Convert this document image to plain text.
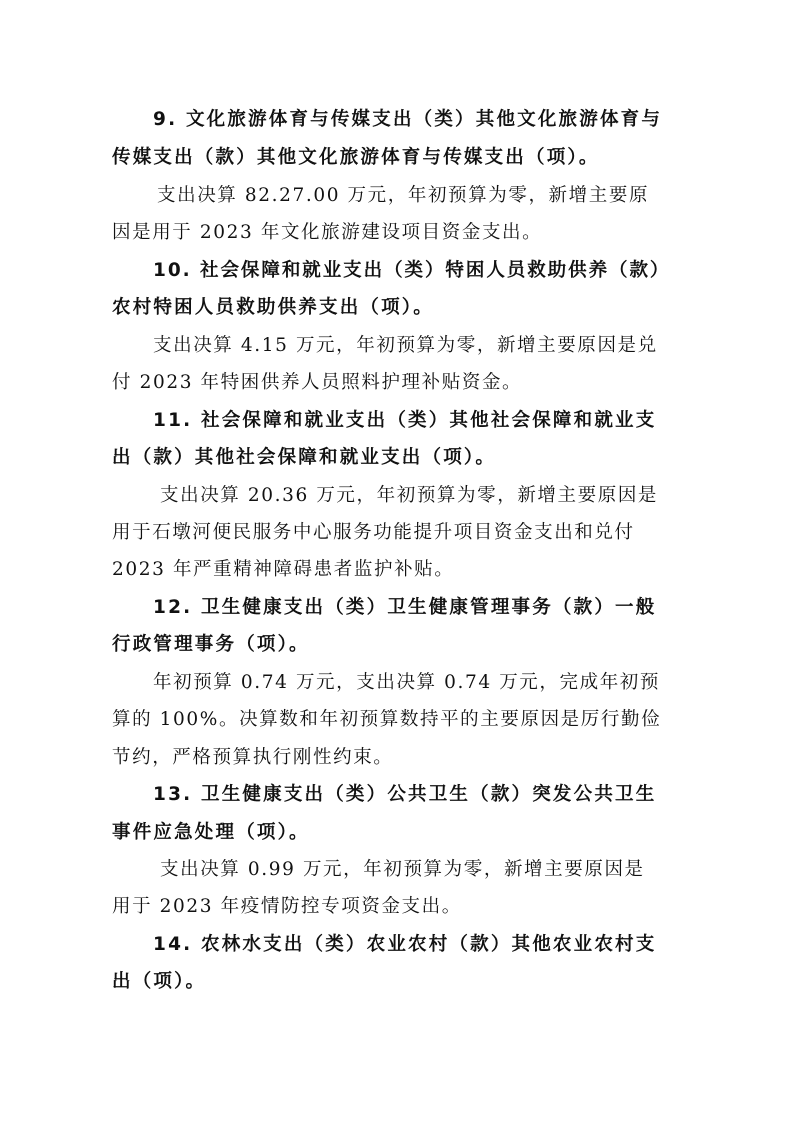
9. 文化旅游体育与传媒支出（类）其他文化旅游体育与

传媒支出（款）其他文化旅游体育与传媒支出（项）。

支出决算 82.27.00 万元，年初预算为零，新增主要原

因是用于 2023 年文化旅游建设项目资金支出。

10. 社会保障和就业支出（类）特困人员救助供养（款）

农村特困人员救助供养支出（项）。

支出决算 4.15 万元，年初预算为零，新增主要原因是兑

付 2023 年特困供养人员照料护理补贴资金。

11. 社会保障和就业支出（类）其他社会保障和就业支

出（款）其他社会保障和就业支出（项）。

支出决算 20.36 万元，年初预算为零，新增主要原因是

用于石墩河便民服务中心服务功能提升项目资金支出和兑付

2023 年严重精神障碍患者监护补贴。

12. 卫生健康支出（类）卫生健康管理事务（款）一般

行政管理事务（项）。

年初预算 0.74 万元，支出决算 0.74 万元，完成年初预

算的 100%。决算数和年初预算数持平的主要原因是厉行勤俭

节约，严格预算执行刚性约束。

13. 卫生健康支出（类）公共卫生（款）突发公共卫生

事件应急处理（项）。

支出决算 0.99 万元，年初预算为零，新增主要原因是

用于 2023 年疫情防控专项资金支出。

14. 农林水支出（类）农业农村（款）其他农业农村支

出（项）。
